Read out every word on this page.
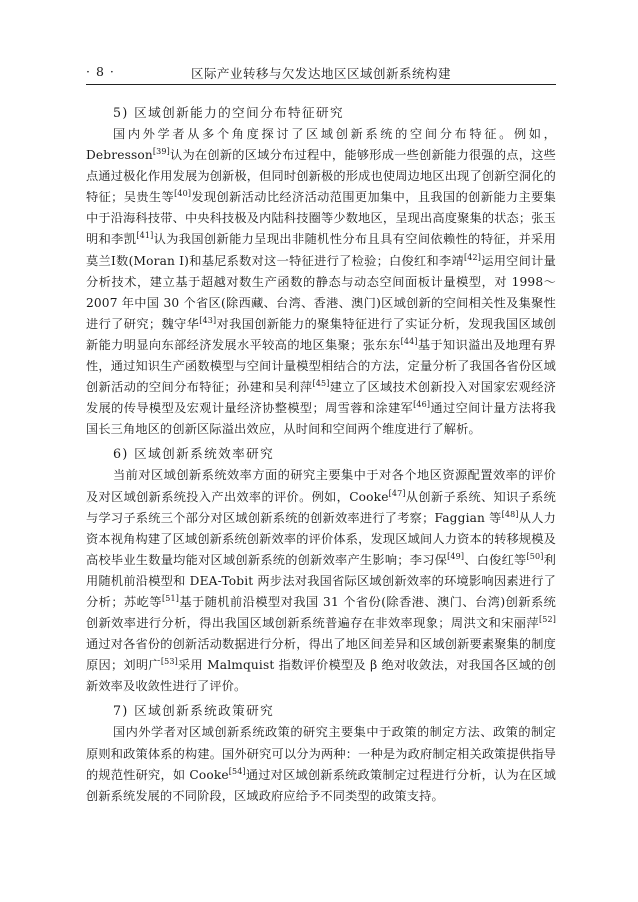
· 8 ·	区际产业转移与欠发达地区区域创新系统构建

5) 区域创新能力的空间分布特征研究

国内外学者从多个角度探讨了区域创新系统的空间分布特征。例如，Debresson[39]认为在创新的区域分布过程中，能够形成一些创新能力很强的点，这些点通过极化作用发展为创新极，但同时创新极的形成也使周边地区出现了创新空洞化的特征；吴贵生等[40]发现创新活动比经济活动范围更加集中，且我国的创新能力主要集中于沿海科技带、中央科技极及内陆科技圈等少数地区，呈现出高度聚集的状态；张玉明和李凯[41]认为我国创新能力呈现出非随机性分布且具有空间依赖性的特征，并采用莫兰Ⅰ数(Moran I)和基尼系数对这一特征进行了检验；白俊红和李靖[42]运用空间计量分析技术，建立基于超越对数生产函数的静态与动态空间面板计量模型，对 1998～2007 年中国 30 个省区(除西藏、台湾、香港、澳门)区域创新的空间相关性及集聚性进行了研究；魏守华[43]对我国创新能力的聚集特征进行了实证分析，发现我国区域创新能力明显向东部经济发展水平较高的地区集聚；张东东[44]基于知识溢出及地理有界性，通过知识生产函数模型与空间计量模型相结合的方法，定量分析了我国各省份区域创新活动的空间分布特征；孙建和吴利萍[45]建立了区域技术创新投入对国家宏观经济发展的传导模型及宏观计量经济协整模型；周雪蓉和涂建军[46]通过空间计量方法将我国长三角地区的创新区际溢出效应，从时间和空间两个维度进行了解析。

6) 区域创新系统效率研究

当前对区域创新系统效率方面的研究主要集中于对各个地区资源配置效率的评价及对区域创新系统投入产出效率的评价。例如，Cooke[47]从创新子系统、知识子系统与学习子系统三个部分对区域创新系统的创新效率进行了考察；Faggian 等[48]从人力资本视角构建了区域创新系统创新效率的评价体系，发现区域间人力资本的转移规模及高校毕业生数量均能对区域创新系统的创新效率产生影响；李习保[49]、白俊红等[50]利用随机前沿模型和 DEA-Tobit 两步法对我国省际区域创新效率的环境影响因素进行了分析；苏屹等[51]基于随机前沿模型对我国 31 个省份(除香港、澳门、台湾)创新系统创新效率进行分析，得出我国区域创新系统普遍存在非效率现象；周洪文和宋丽萍[52]通过对各省份的创新活动数据进行分析，得出了地区间差异和区域创新要素聚集的制度原因；刘明广[53]采用 Malmquist 指数评价模型及 β 绝对收敛法，对我国各区域的创新效率及收敛性进行了评价。

7) 区域创新系统政策研究

国内外学者对区域创新系统政策的研究主要集中于政策的制定方法、政策的制定原则和政策体系的构建。国外研究可以分为两种：一种是为政府制定相关政策提供指导的规范性研究，如 Cooke[54]通过对区域创新系统政策制定过程进行分析，认为在区域创新系统发展的不同阶段，区域政府应给予不同类型的政策支持。
